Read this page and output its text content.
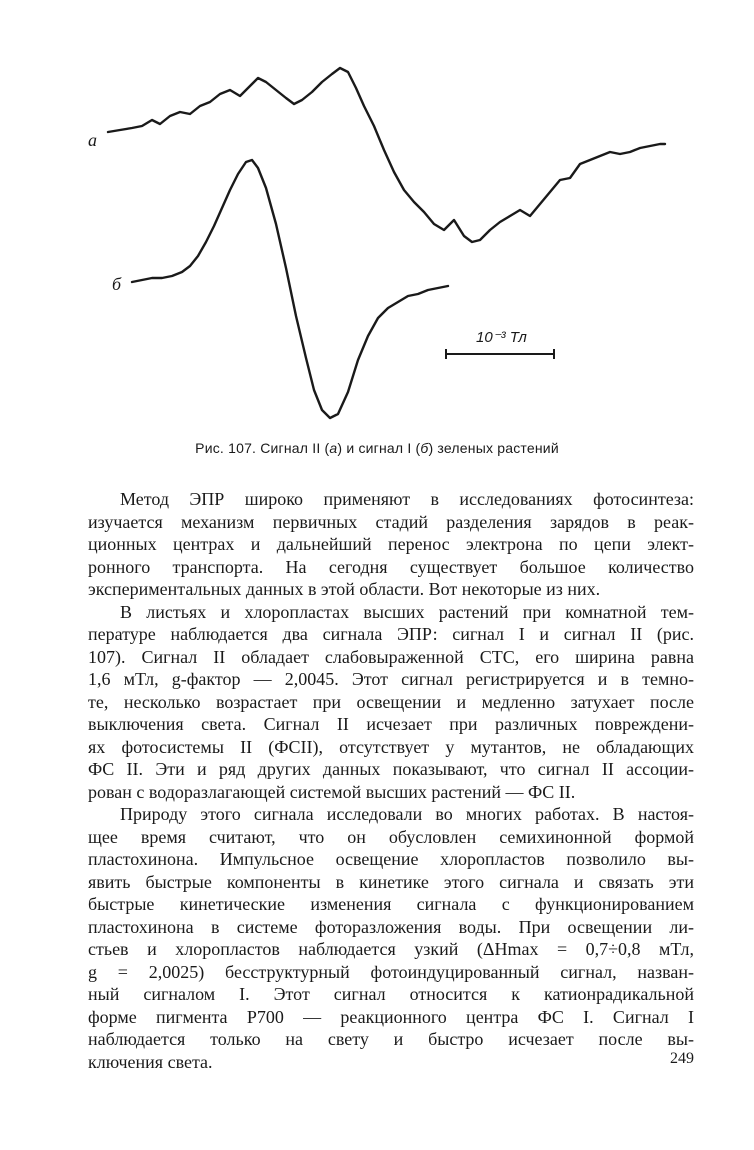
а
б
10⁻³ Тл
Рис. 107. Сигнал II (а) и сигнал I (б) зеленых растений
Метод ЭПР широко применяют в исследованиях фотосинтеза:
изучается механизм первичных стадий разделения зарядов в реак-
ционных центрах и дальнейший перенос электрона по цепи элект-
ронного транспорта. На сегодня существует большое количество
экспериментальных данных в этой области. Вот некоторые из них.
В листьях и хлоропластах высших растений при комнатной тем-
пературе наблюдается два сигнала ЭПР: сигнал I и сигнал II (рис.
107). Сигнал II обладает слабовыраженной СТС, его ширина равна
1,6 мТл, g-фактор — 2,0045. Этот сигнал регистрируется и в темно-
те, несколько возрастает при освещении и медленно затухает после
выключения света. Сигнал II исчезает при различных повреждени-
ях фотосистемы II (ФСII), отсутствует у мутантов, не обладающих
ФС II. Эти и ряд других данных показывают, что сигнал II ассоции-
рован с водоразлагающей системой высших растений — ФС II.
Природу этого сигнала исследовали во многих работах. В настоя-
щее время считают, что он обусловлен семихинонной формой
пластохинона. Импульсное освещение хлоропластов позволило вы-
явить быстрые компоненты в кинетике этого сигнала и связать эти
быстрые кинетические изменения сигнала с функционированием
пластохинона в системе фоторазложения воды. При освещении ли-
стьев и хлоропластов наблюдается узкий (ΔHmax = 0,7÷0,8 мТл,
g = 2,0025) бесструктурный фотоиндуцированный сигнал, назван-
ный сигналом I. Этот сигнал относится к катионрадикальной
форме пигмента P700 — реакционного центра ФС I. Сигнал I
наблюдается только на свету и быстро исчезает после вы-
ключения света.	249
